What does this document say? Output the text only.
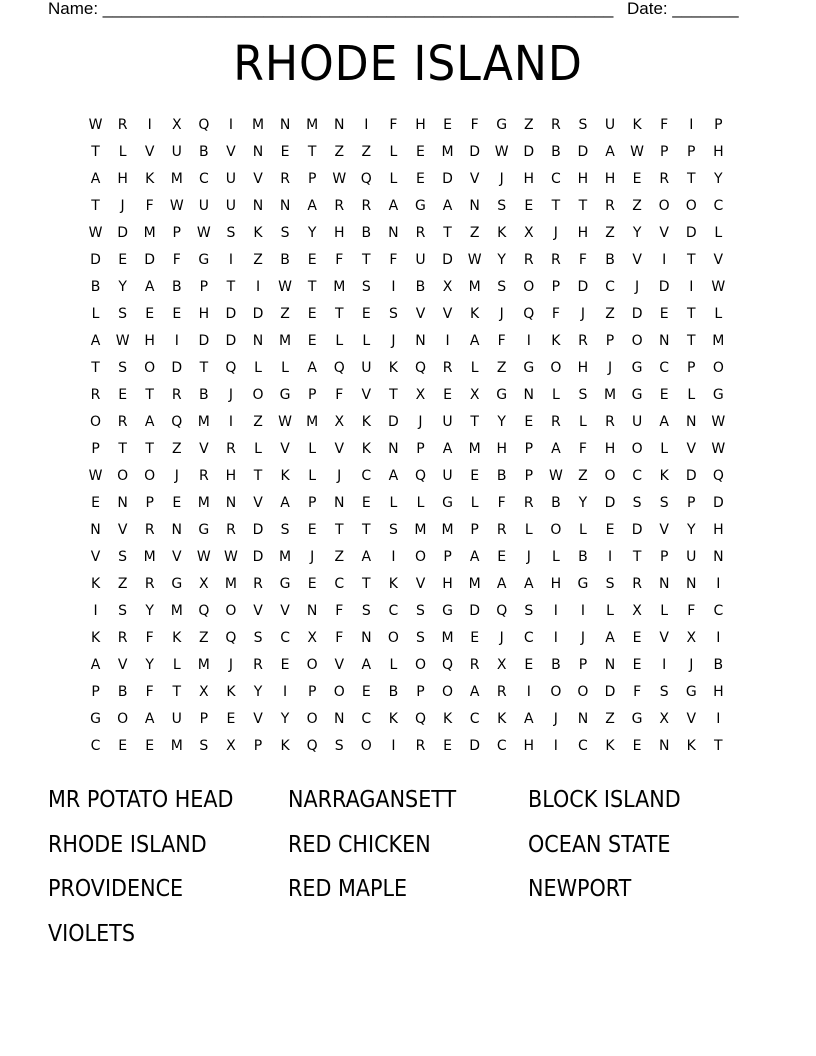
Name: ______________________________________________________ Date: _______
RHODE ISLAND
W	R	I	X	Q	I	M	N	M	N	I	F	H	E	F	G	Z	R	S	U	K	F	I	P
T	L	V	U	B	V	N	E	T	Z	Z	L	E	M	D	W	D	B	D	A	W	P	P	H
A	H	K	M	C	U	V	R	P	W	Q	L	E	D	V	J	H	C	H	H	E	R	T	Y
T	J	F	W	U	U	N	N	A	R	R	A	G	A	N	S	E	T	T	R	Z	O	O	C
W	D	M	P	W	S	K	S	Y	H	B	N	R	T	Z	K	X	J	H	Z	Y	V	D	L
D	E	D	F	G	I	Z	B	E	F	T	F	U	D	W	Y	R	R	F	B	V	I	T	V
B	Y	A	B	P	T	I	W	T	M	S	I	B	X	M	S	O	P	D	C	J	D	I	W
L	S	E	E	H	D	D	Z	E	T	E	S	V	V	K	J	Q	F	J	Z	D	E	T	L
A	W	H	I	D	D	N	M	E	L	L	J	N	I	A	F	I	K	R	P	O	N	T	M
T	S	O	D	T	Q	L	L	A	Q	U	K	Q	R	L	Z	G	O	H	J	G	C	P	O
R	E	T	R	B	J	O	G	P	F	V	T	X	E	X	G	N	L	S	M	G	E	L	G
O	R	A	Q	M	I	Z	W	M	X	K	D	J	U	T	Y	E	R	L	R	U	A	N	W
P	T	T	Z	V	R	L	V	L	V	K	N	P	A	M	H	P	A	F	H	O	L	V	W
W	O	O	J	R	H	T	K	L	J	C	A	Q	U	E	B	P	W	Z	O	C	K	D	Q
E	N	P	E	M	N	V	A	P	N	E	L	L	G	L	F	R	B	Y	D	S	S	P	D
N	V	R	N	G	R	D	S	E	T	T	S	M	M	P	R	L	O	L	E	D	V	Y	H
V	S	M	V	W W	D	M	J	Z	A	I	O	P	A	E	J	L	B	I	T	P	U	N
K	Z	R	G	X	M	R	G	E	C	T	K	V	H	M	A	A	H	G	S	R	N	N	I
I	S	Y	M	Q	O	V	V	N	F	S	C	S	G	D	Q	S	I	I	L	X	L	F	C
K	R	F	K	Z	Q	S	C	X	F	N	O	S	M	E	J	C	I	J	A	E	V	X	I
A	V	Y	L	M	J	R	E	O	V	A	L	O	Q	R	X	E	B	P	N	E	I	J	B
P	B	F	T	X	K	Y	I	P	O	E	B	P	O	A	R	I	O	O	D	F	S	G	H
G	O	A	U	P	E	V	Y	O	N	C	K	Q	K	C	K	A	J	N	Z	G	X	V	I
C	E	E	M	S	X	P	K	Q	S	O	I	R	E	D	C	H	I	C	K	E	N	K	T
MR POTATO HEAD	NARRAGANSETT	BLOCK ISLAND
RHODE ISLAND	RED CHICKEN	OCEAN STATE
PROVIDENCE	RED MAPLE	NEWPORT
VIOLETS
